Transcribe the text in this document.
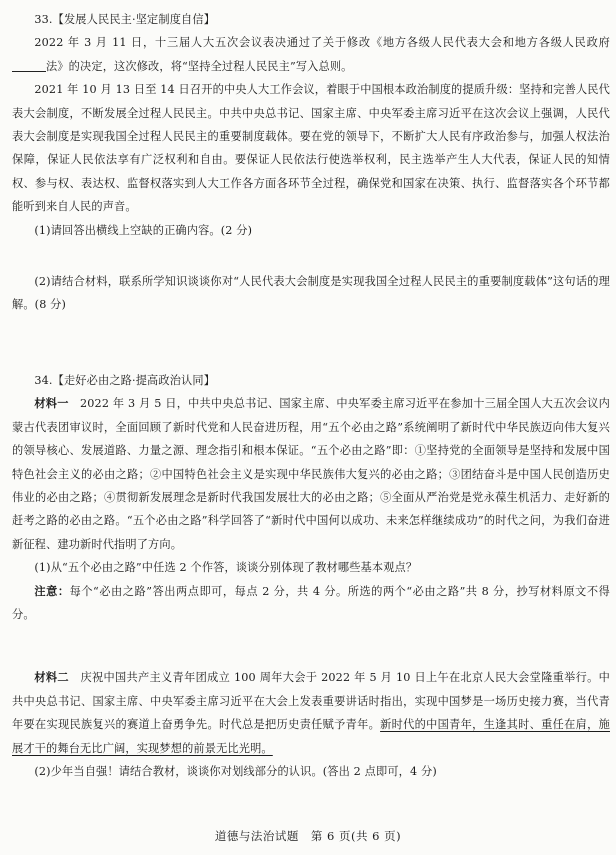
33.【发展人民民主·坚定制度自信】

2022 年 3 月 11 日，十三届人大五次会议表决通过了关于修改《地方各级人民代表大会和地方各级人民政府法》的决定，这次修改，将“坚持全过程人民民主”写入总则。

2021 年 10 月 13 日至 14 日召开的中央人大工作会议，着眼于中国根本政治制度的提质升级：坚持和完善人民代表大会制度，不断发展全过程人民民主。中共中央总书记、国家主席、中央军委主席习近平在这次会议上强调，人民代表大会制度是实现我国全过程人民民主的重要制度载体。要在党的领导下，不断扩大人民有序政治参与，加强人权法治保障，保证人民依法享有广泛权利和自由。要保证人民依法行使选举权利，民主选举产生人大代表，保证人民的知情权、参与权、表达权、监督权落实到人大工作各方面各环节全过程，确保党和国家在决策、执行、监督落实各个环节都能听到来自人民的声音。

(1)请回答出横线上空缺的正确内容。(2 分)

(2)请结合材料，联系所学知识谈谈你对“人民代表大会制度是实现我国全过程人民民主的重要制度载体”这句话的理解。(8 分)

34.【走好必由之路·提高政治认同】

材料一　 2022 年 3 月 5 日，中共中央总书记、国家主席、中央军委主席习近平在参加十三届全国人大五次会议内蒙古代表团审议时，全面回顾了新时代党和人民奋进历程，用“五个必由之路”系统阐明了新时代中华民族迈向伟大复兴的领导核心、发展道路、力量之源、理念指引和根本保证。“五个必由之路”即：①坚持党的全面领导是坚持和发展中国特色社会主义的必由之路；②中国特色社会主义是实现中华民族伟大复兴的必由之路；③团结奋斗是中国人民创造历史伟业的必由之路；④贯彻新发展理念是新时代我国发展壮大的必由之路；⑤全面从严治党是党永葆生机活力、走好新的赶考之路的必由之路。“五个必由之路”科学回答了“新时代中国何以成功、未来怎样继续成功”的时代之问，为我们奋进新征程、建功新时代指明了方向。

(1)从“五个必由之路”中任选 2 个作答，谈谈分别体现了教材哪些基本观点？

注意：每个“必由之路”答出两点即可，每点 2 分，共 4 分。所选的两个“必由之路”共 8 分，抄写材料原文不得分。

材料二　 庆祝中国共产主义青年团成立 100 周年大会于 2022 年 5 月 10 日上午在北京人民大会堂隆重举行。中共中央总书记、国家主席、中央军委主席习近平在大会上发表重要讲话时指出，实现中国梦是一场历史接力赛，当代青年要在实现民族复兴的赛道上奋勇争先。时代总是把历史责任赋予青年。新时代的中国青年，生逢其时、重任在肩，施展才干的舞台无比广阔，实现梦想的前景无比光明。

(2)少年当自强！请结合教材，谈谈你对划线部分的认识。(答出 2 点即可，4 分)

道德与法治试题　第 6 页(共 6 页)
